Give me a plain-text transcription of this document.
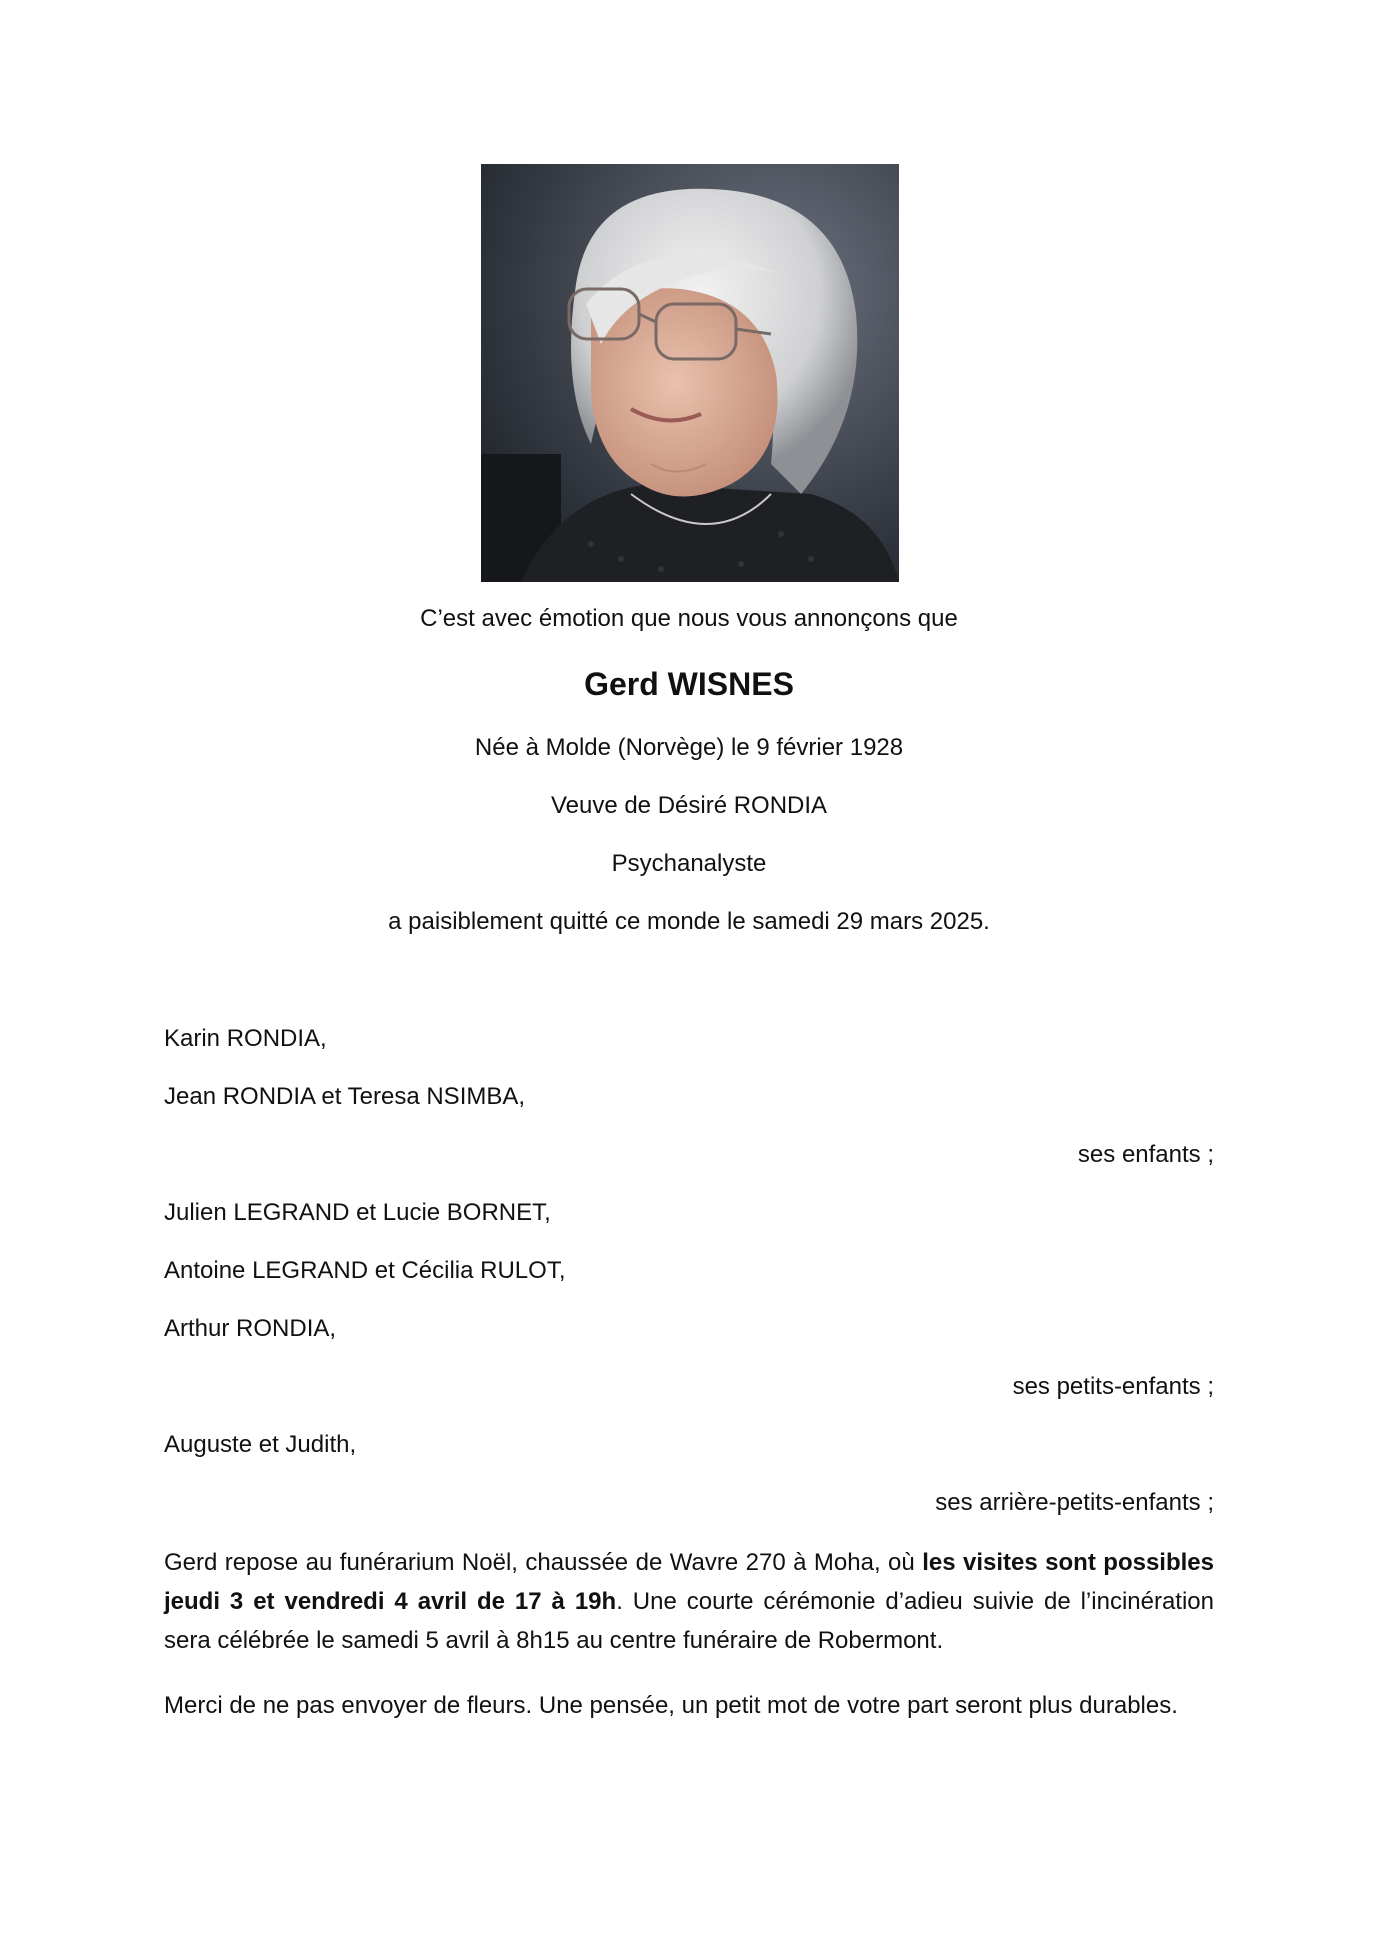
C’est avec émotion que nous vous annonçons que

Gerd WISNES

Née à Molde (Norvège) le 9 février 1928

Veuve de Désiré RONDIA

Psychanalyste

a paisiblement quitté ce monde le samedi 29 mars 2025.

Karin RONDIA,

Jean RONDIA et Teresa NSIMBA,

ses enfants ;

Julien LEGRAND et Lucie BORNET,

Antoine LEGRAND et Cécilia RULOT,

Arthur RONDIA,

ses petits-enfants ;

Auguste et Judith,

ses arrière-petits-enfants ;

Gerd repose au funérarium Noël, chaussée de Wavre 270 à Moha, où les visites sont possibles jeudi 3 et vendredi 4 avril de 17 à 19h. Une courte cérémonie d’adieu suivie de l’incinération sera célébrée le samedi 5 avril à 8h15 au centre funéraire de Robermont.

Merci de ne pas envoyer de fleurs. Une pensée, un petit mot de votre part seront plus durables.
